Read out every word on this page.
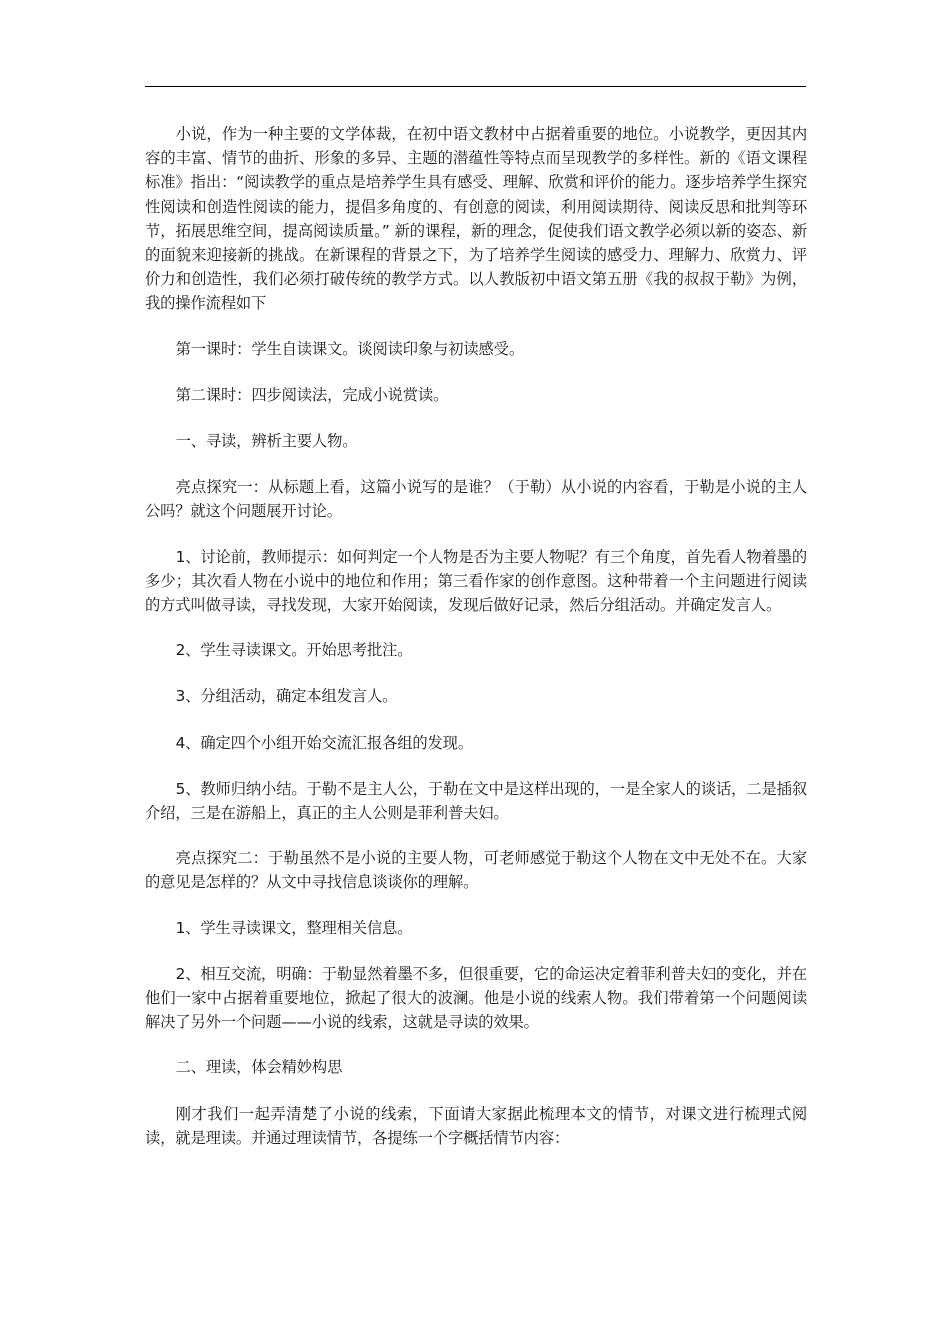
小说，作为一种主要的文学体裁，在初中语文教材中占据着重要的地位。小说教学，更因其内容的丰富、情节的曲折、形象的多异、主题的潜蕴性等特点而呈现教学的多样性。新的《语文课程标准》指出：“阅读教学的重点是培养学生具有感受、理解、欣赏和评价的能力。逐步培养学生探究性阅读和创造性阅读的能力，提倡多角度的、有创意的阅读，利用阅读期待、阅读反思和批判等环节，拓展思维空间，提高阅读质量。” 新的课程，新的理念，促使我们语文教学必须以新的姿态、新的面貌来迎接新的挑战。在新课程的背景之下，为了培养学生阅读的感受力、理解力、欣赏力、评价力和创造性，我们必须打破传统的教学方式。以人教版初中语文第五册《我的叔叔于勒》为例，我的操作流程如下

第一课时：学生自读课文。谈阅读印象与初读感受。

第二课时：四步阅读法，完成小说赏读。

一、寻读，辨析主要人物。

亮点探究一：从标题上看，这篇小说写的是谁？（于勒）从小说的内容看，于勒是小说的主人公吗？就这个问题展开讨论。

1、讨论前，教师提示：如何判定一个人物是否为主要人物呢？有三个角度，首先看人物着墨的多少；其次看人物在小说中的地位和作用；第三看作家的创作意图。这种带着一个主问题进行阅读的方式叫做寻读，寻找发现，大家开始阅读，发现后做好记录，然后分组活动。并确定发言人。

2、学生寻读课文。开始思考批注。

3、分组活动，确定本组发言人。

4、确定四个小组开始交流汇报各组的发现。

5、教师归纳小结。于勒不是主人公，于勒在文中是这样出现的，一是全家人的谈话，二是插叙介绍，三是在游船上，真正的主人公则是菲利普夫妇。

亮点探究二：于勒虽然不是小说的主要人物，可老师感觉于勒这个人物在文中无处不在。大家的意见是怎样的？从文中寻找信息谈谈你的理解。

1、学生寻读课文，整理相关信息。

2、相互交流，明确：于勒显然着墨不多，但很重要，它的命运决定着菲利普夫妇的变化，并在他们一家中占据着重要地位，掀起了很大的波澜。他是小说的线索人物。我们带着第一个问题阅读解决了另外一个问题——小说的线索，这就是寻读的效果。

二、理读，体会精妙构思

刚才我们一起弄清楚了小说的线索，下面请大家据此梳理本文的情节，对课文进行梳理式阅读，就是理读。并通过理读情节，各提练一个字概括情节内容：
